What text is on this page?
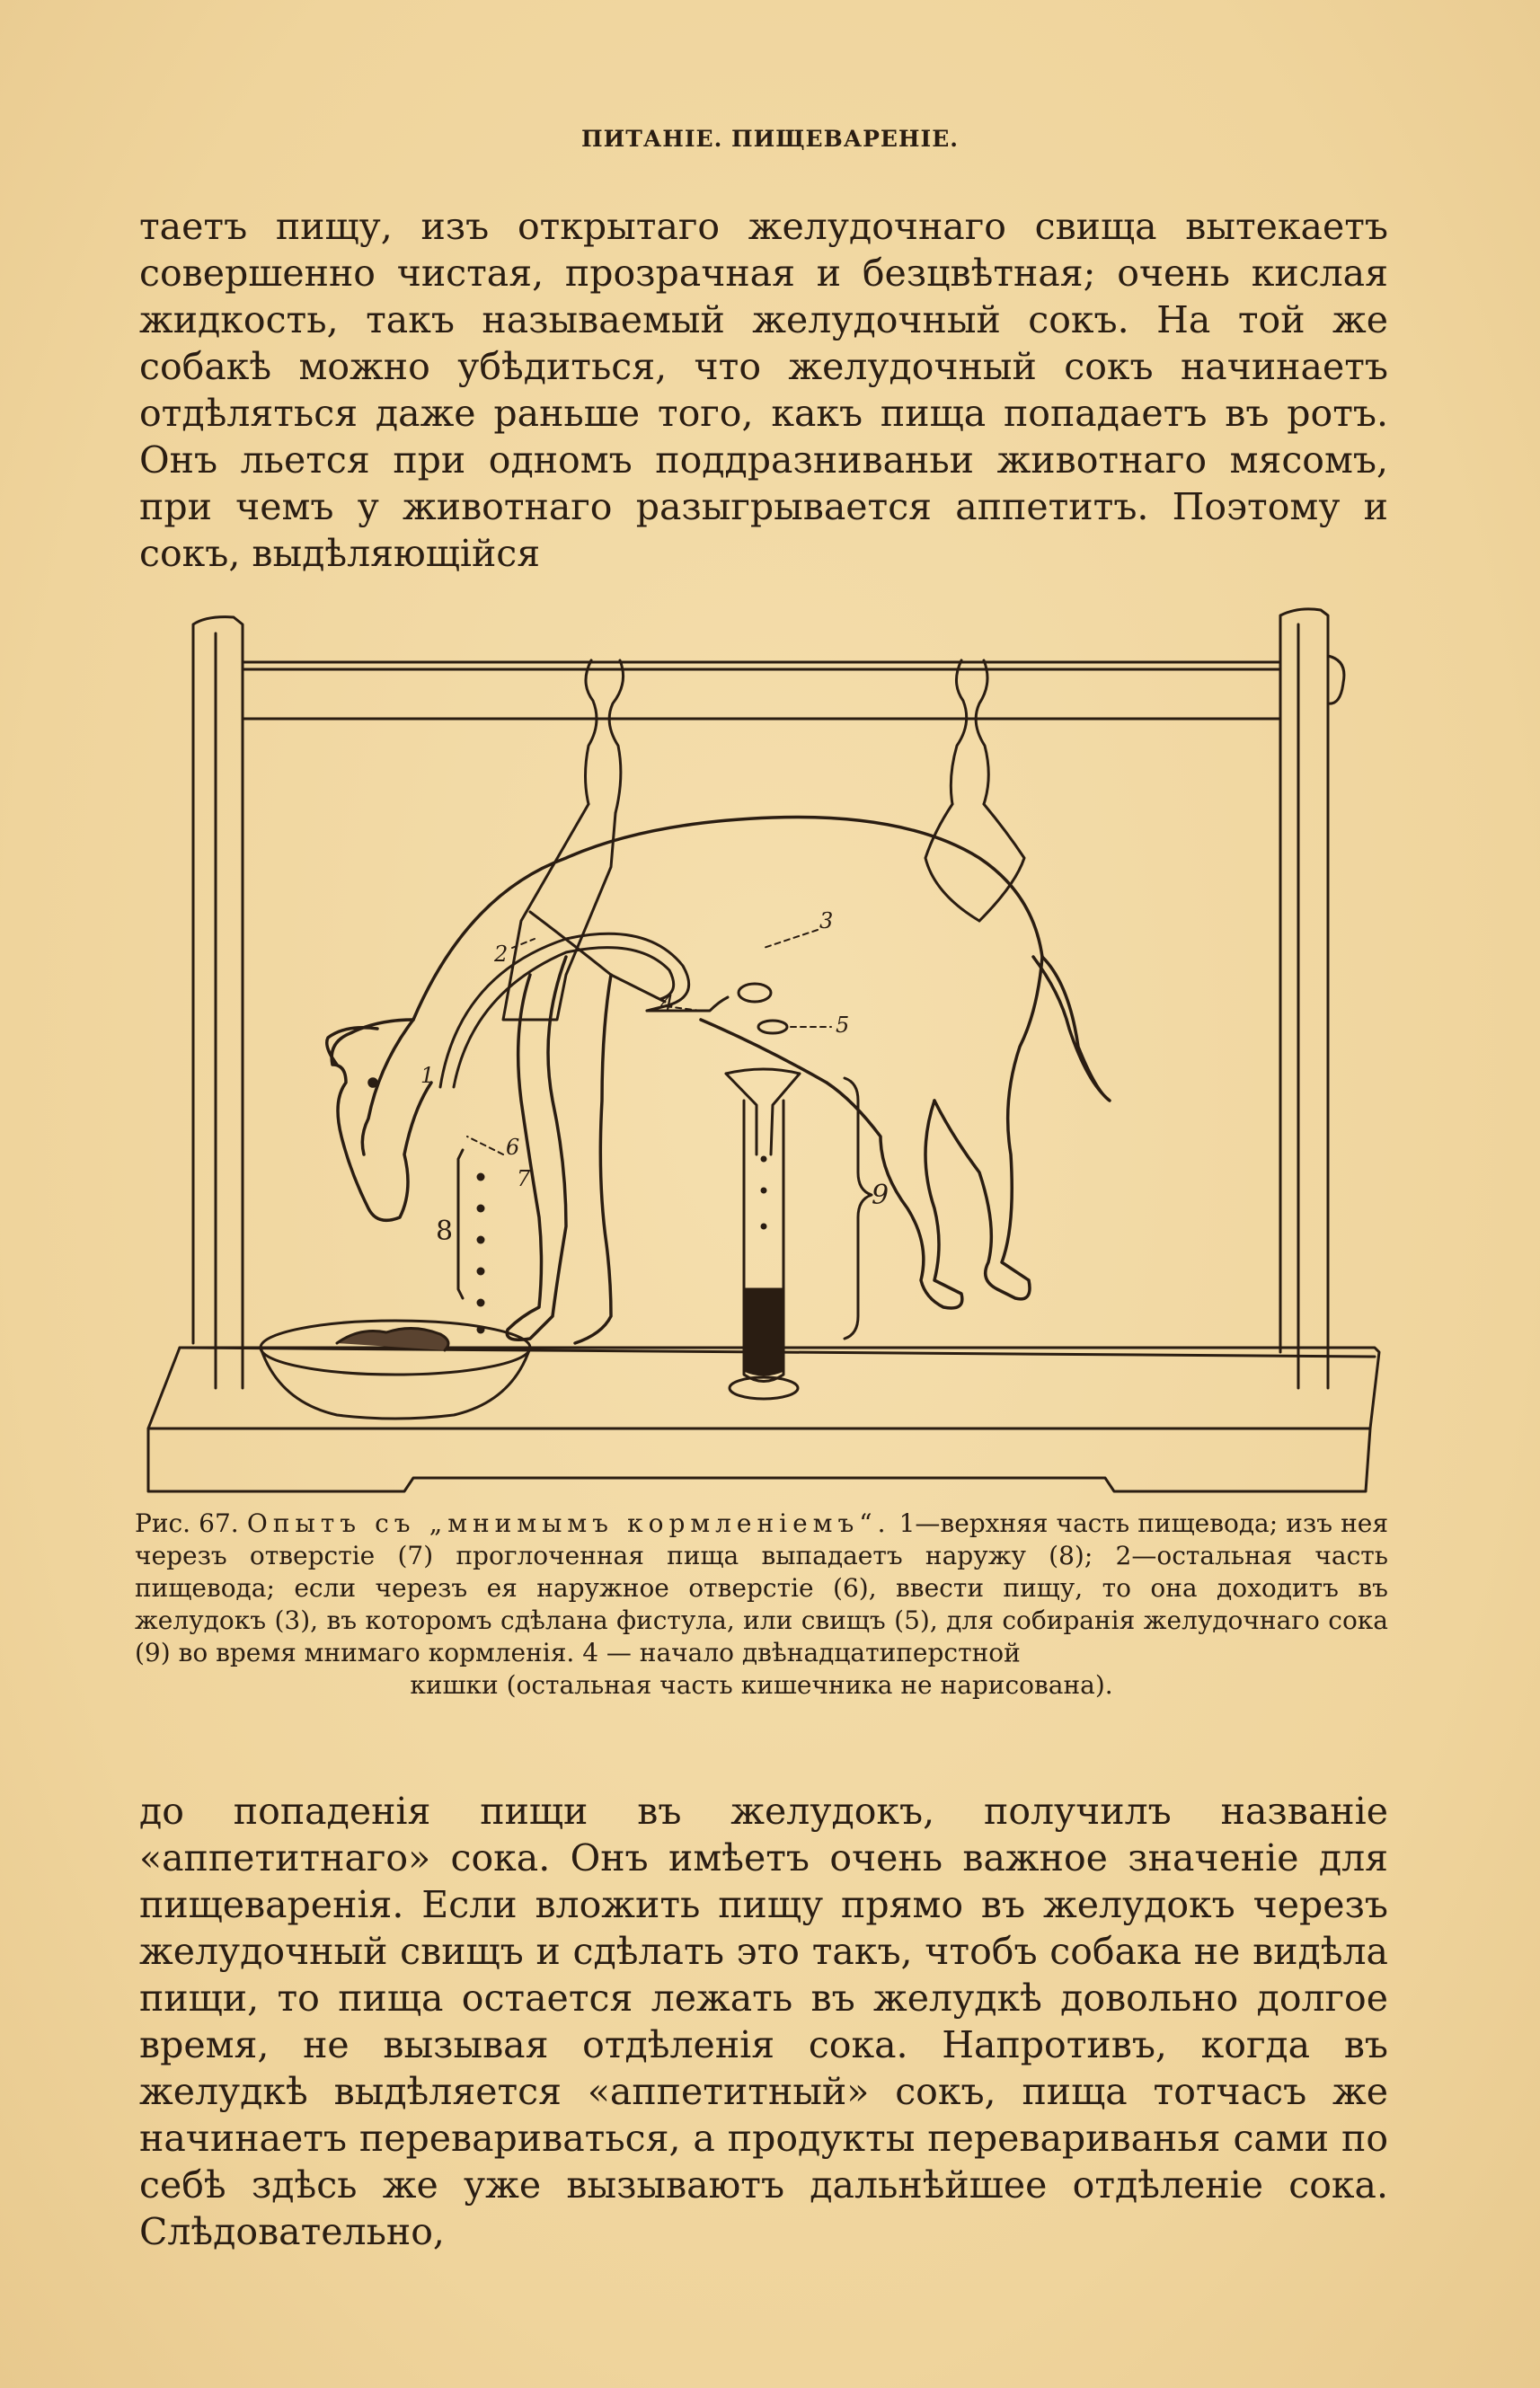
ПИТАНІЕ. ПИЩЕВАРЕНІЕ.

таетъ пищу, изъ открытаго желудочнаго свища вытекаетъ совершенно чистая, прозрачная и безцвѣтная; очень кислая жидкость, такъ называемый желудочный сокъ. На той же собакѣ можно убѣдиться, что желудочный сокъ начинаетъ отдѣляться даже раньше того, какъ пища попадаетъ въ ротъ. Онъ льется при одномъ поддразниваньи животнаго мясомъ, при чемъ у животнаго разыгрывается аппетитъ. Поэтому и сокъ, выдѣляющійся

1
2
3
4
5
6
7
8
9
Рис. 67. Опытъ съ „мнимымъ кормленіемъ“. 1—верхняя часть пищевода; изъ нея черезъ отверстіе (7) проглоченная пища выпадаетъ наружу (8); 2—остальная часть пищевода; если черезъ ея наружное отверстіе (6), ввести пищу, то она доходитъ въ желудокъ (3), въ которомъ сдѣлана фистула, или свищъ (5), для собиранія желудочнаго сока (9) во время мнимаго кормленія. 4 — начало двѣнадцатиперстной
кишки (остальная часть кишечника не нарисована).

до попаденія пищи въ желудокъ, получилъ названіе «аппетитнаго» сока. Онъ имѣетъ очень важное значеніе для пищеваренія. Если вложить пищу прямо въ желудокъ черезъ желудочный свищъ и сдѣлать это такъ, чтобъ собака не видѣла пищи, то пища остается лежать въ желудкѣ довольно долгое время, не вызывая отдѣленія сока. Напротивъ, когда въ желудкѣ выдѣляется «аппетитный» сокъ, пища тотчасъ же начинаетъ перевариваться, а продукты перевариванья сами по себѣ здѣсь же уже вызываютъ дальнѣйшее отдѣленіе сока. Слѣдовательно,
